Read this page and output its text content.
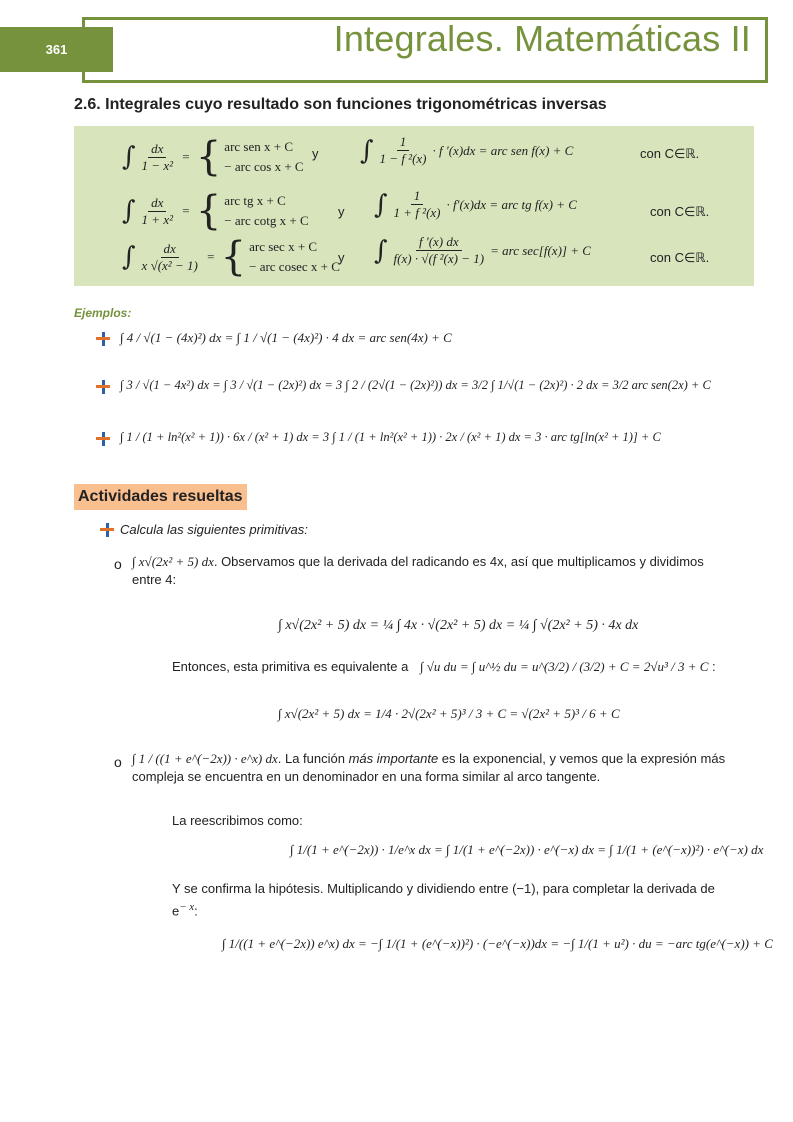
361	Integrales. Matemáticas II
2.6. Integrales cuyo resultado son funciones trigonométricas inversas
∫ $\frac{dx}{\text{1 − x²}}$ = { arc sen x + C
− arc cos x + C
y ∫ $\frac{1}{\text{1 − f ²(x)}} \cdot f$ ′(x)dx = arc sen f(x) + C	con C∈ℝ.
∫ $\frac{dx}{\text{1 + x²}}$ = { arc tg x + C
− arc cotg x + C
y ∫ $\frac{1}{\text{1 + f ²(x)}} \cdot f'(x)dx$ = arc tg f(x) + C	con C∈ℝ.
∫ $\frac{dx}{\text{x √(x² − 1)}}$ = { arc sec x + C
− arc cosec x + C
y ∫ $\frac{f '(x) dx}{\text{f(x) · √(f ²(x) − 1)}}$ = arc sec[f(x)] + C	con C∈ℝ.
Ejemplos:
∫ 4 / √(1 − (4x)²) dx = ∫ 1 / √(1 − (4x)²) · 4 dx = arc sen(4x) + C
∫ 3 / √(1 − 4x²) dx = ∫ 3 / √(1 − (2x)²) dx = 3 ∫ 2 / (2√(1 − (2x)²)) dx = 3/2 ∫ 1/√(1 − (2x)²) · 2 dx = 3/2 arc sen(2x) + C
∫ 1 / (1 + ln²(x² + 1)) · 6x / (x² + 1) dx = 3 ∫ 1 / (1 + ln²(x² + 1)) · 2x / (x² + 1) dx = 3 · arc tg[ln(x² + 1)] + C
Actividades resueltas
Calcula las siguientes primitivas:
o ∫ x√(2x² + 5) dx. Observamos que la derivada del radicando es 4x, así que multiplicamos y dividimos entre 4:
∫ x√(2x² + 5) dx = ¼ ∫ 4x · √(2x² + 5) dx = ¼ ∫ √(2x² + 5) · 4x dx
Entonces, esta primitiva es equivalente a ∫ √u du = ∫ u^½ du = u^(3/2) / (3/2) + C = 2√u³ / 3 + C :
∫ x√(2x² + 5) dx = 1/4 · 2√(2x² + 5)³ / 3 + C = √(2x² + 5)³ / 6 + C
o ∫ 1 / ((1 + e^(−2x)) · e^x) dx. La función más importante es la exponencial, y vemos que la expresión más compleja se encuentra en un denominador en una forma similar al arco tangente.
La reescribimos como:
∫ 1/(1 + e^(−2x)) · 1/e^x dx = ∫ 1/(1 + e^(−2x)) · e^(−x) dx = ∫ 1/(1 + (e^(−x))²) · e^(−x) dx
Y se confirma la hipótesis. Multiplicando y dividiendo entre (−1), para completar la derivada de $e^{- x}$:
∫ 1/((1 + e^(−2x)) e^x) dx = −∫ 1/(1 + (e^(−x))²) · (−e^(−x))dx = −∫ 1/(1 + u²) · du = −arc tg(e^(−x)) + C
